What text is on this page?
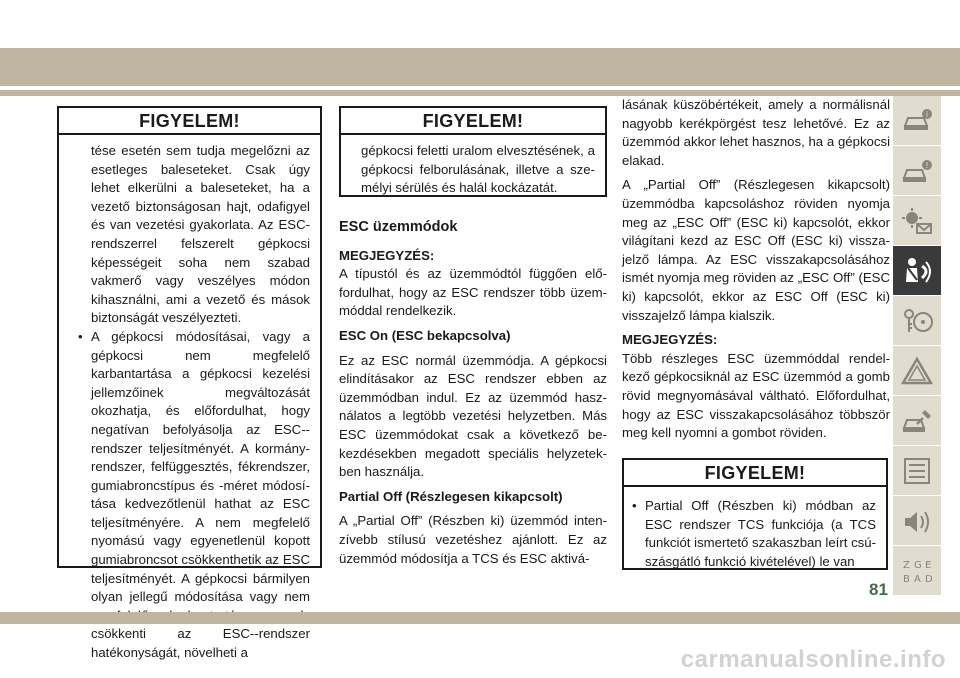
FIGYELEM!
tése esetén sem tudja megelőzni az esetleges baleseteket. Csak úgy lehet elkerülni a baleseteket, ha a vezető biztonságosan hajt, odafigyel és van vezetési gyakorlata. Az ESC-rendszerrel felszerelt gépkocsi képességeit soha nem szabad vakmerő vagy veszélyes módon kihasználni, ami a vezető és mások biztonságát veszélyezteti.
• A gépkocsi módosításai, vagy a gépkocsi nem megfelelő karbantartása a gépkocsi kezelési jellemzőinek megváltozását okozhatja, és előfordulhat, hogy negatívan befolyásolja az ESC--rendszer teljesítményét. A kormányrendszer, felfüggesztés, fékrendszer, gumiabroncstípus és -méret módosítása kedvezőtlenül hathat az ESC teljesítményére. A nem megfelelő nyomású vagy egyenetlenül kopott gumiabroncsot csökkenthetik az ESC teljesítményét. A gépkocsi bármilyen olyan jellegű módosítása vagy nem csökkenti az ESC--rendszer hatékonyságát, növelheti a
FIGYELEM!
gépkocsi feletti uralom elvesztésének, a gépkocsi felborulásának, illetve a személyi sérülés és halál kockázatát.

ESC üzemmódok

MEGJEGYZÉS:

A típustól és az üzemmódtól függően előfordulhat, hogy az ESC rendszer több üzemmóddal rendelkezik.

ESC On (ESC bekapcsolva)

Ez az ESC normál üzemmódja. A gépkocsi elindításakor az ESC rendszer ebben az üzemmódban indul. Ez az üzemmód használatos a legtöbb vezetési helyzetben. Más ESC üzemmódokat csak a következő bekezdésekben megadott speciális helyzetekben használja.

Partial Off (Részlegesen kikapcsolt)

A „Partial Off” (Részben ki) üzemmód intenzívebb stílusú vezetéshez ajánlott. Ez az üzemmód módosítja a TCS és ESC aktivá-

lásának küszöbértékeit, amely a normálisnál nagyobb kerékpörgést tesz lehetővé. Ez az üzemmód akkor lehet hasznos, ha a gépkocsi elakad.

A „Partial Off” (Részlegesen kikapcsolt) üzemmódba kapcsoláshoz röviden nyomja meg az „ESC Off” (ESC ki) kapcsolót, ekkor világítani kezd az ESC Off (ESC ki) visszajelző lámpa. Az ESC visszakapcsolásához ismét nyomja meg röviden az „ESC Off” (ESC ki) kapcsolót, ekkor az ESC Off (ESC ki) visszajelző lámpa kialszik.

MEGJEGYZÉS:

Több részleges ESC üzemmóddal rendelkező gépkocsiknál az ESC üzemmód a gomb rövid megnyomásával váltható. Előfordulhat, hogy az ESC visszakapcsolásához többször meg kell nyomni a gombot röviden.

FIGYELEM!
• Partial Off (Részben ki) módban az ESC rendszer TCS funkciója (a TCS funkciót ismertető szakaszban leírt csúszásgátló funkció kivételével) le van
i
!
Z G E
B A D
81
carmanualsonline.info
